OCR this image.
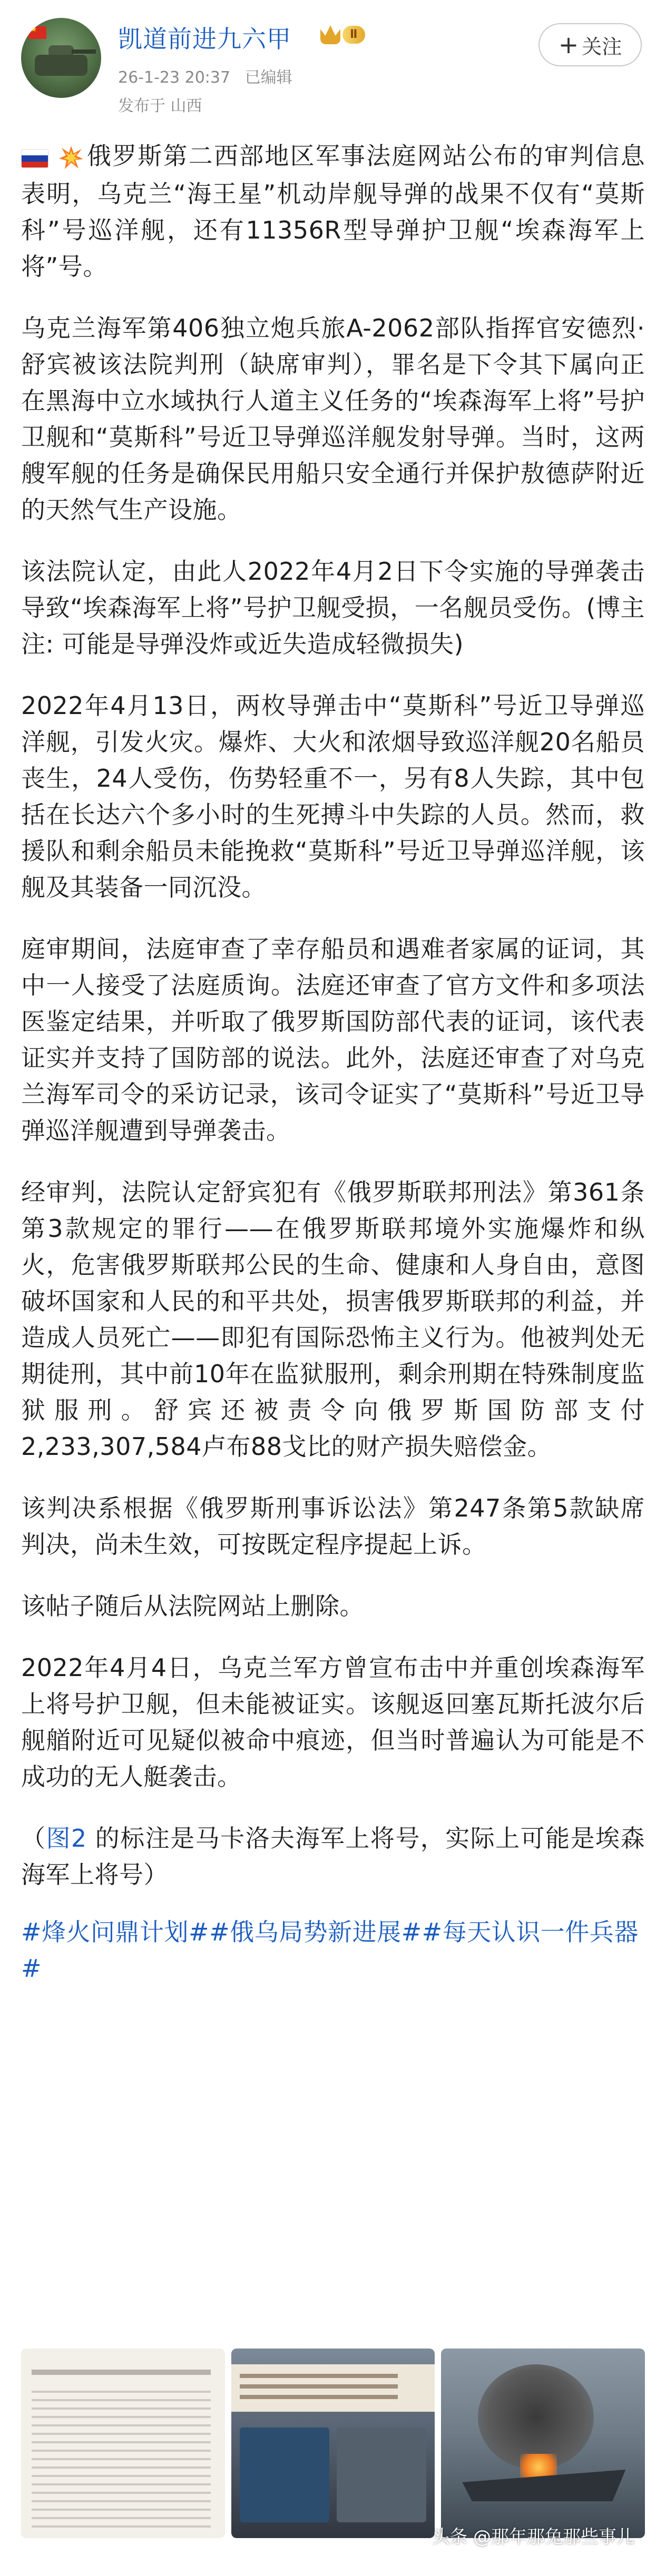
★
凯道前进九六甲	Ⅱ
26-1-23 20:37 已编辑
发布于 山西
+ 关注

俄罗斯第二西部地区军事法庭网站公布的审判信息表明，乌克兰“海王星”机动岸舰导弹的战果不仅有“莫斯科”号巡洋舰，还有11356R型导弹护卫舰“埃森海军上将”号。

乌克兰海军第406独立炮兵旅A-2062部队指挥官安德烈·舒宾被该法院判刑（缺席审判），罪名是下令其下属向正在黑海中立水域执行人道主义任务的“埃森海军上将”号护卫舰和“莫斯科”号近卫导弹巡洋舰发射导弹。当时，这两艘军舰的任务是确保民用船只安全通行并保护敖德萨附近的天然气生产设施。

该法院认定，由此人2022年4月2日下令实施的导弹袭击导致“埃森海军上将”号护卫舰受损，一名舰员受伤。(博主注: 可能是导弹没炸或近失造成轻微损失)

2022年4月13日，两枚导弹击中“莫斯科”号近卫导弹巡洋舰，引发火灾。爆炸、大火和浓烟导致巡洋舰20名船员丧生，24人受伤，伤势轻重不一，另有8人失踪，其中包括在长达六个多小时的生死搏斗中失踪的人员。然而，救援队和剩余船员未能挽救“莫斯科”号近卫导弹巡洋舰，该舰及其装备一同沉没。

庭审期间，法庭审查了幸存船员和遇难者家属的证词，其中一人接受了法庭质询。法庭还审查了官方文件和多项法医鉴定结果，并听取了俄罗斯国防部代表的证词，该代表证实并支持了国防部的说法。此外，法庭还审查了对乌克兰海军司令的采访记录，该司令证实了“莫斯科”号近卫导弹巡洋舰遭到导弹袭击。

经审判，法院认定舒宾犯有《俄罗斯联邦刑法》第361条第3款规定的罪行——在俄罗斯联邦境外实施爆炸和纵火，危害俄罗斯联邦公民的生命、健康和人身自由，意图破坏国家和人民的和平共处，损害俄罗斯联邦的利益，并造成人员死亡——即犯有国际恐怖主义行为。他被判处无期徒刑，其中前10年在监狱服刑，剩余刑期在特殊制度监狱服刑。舒宾还被责令向俄罗斯国防部支付2,233,307,584卢布88戈比的财产损失赔偿金。

该判决系根据《俄罗斯刑事诉讼法》第247条第5款缺席判决，尚未生效，可按既定程序提起上诉。

该帖子随后从法院网站上删除。

2022年4月4日，乌克兰军方曾宣布击中并重创埃森海军上将号护卫舰，但未能被证实。该舰返回塞瓦斯托波尔后舰艏附近可见疑似被命中痕迹，但当时普遍认为可能是不成功的无人艇袭击。

（图2 的标注是马卡洛夫海军上将号，实际上可能是埃森海军上将号）

#烽火问鼎计划##俄乌局势新进展##每天认识一件兵器#

头条 @那年那兔那些事儿
